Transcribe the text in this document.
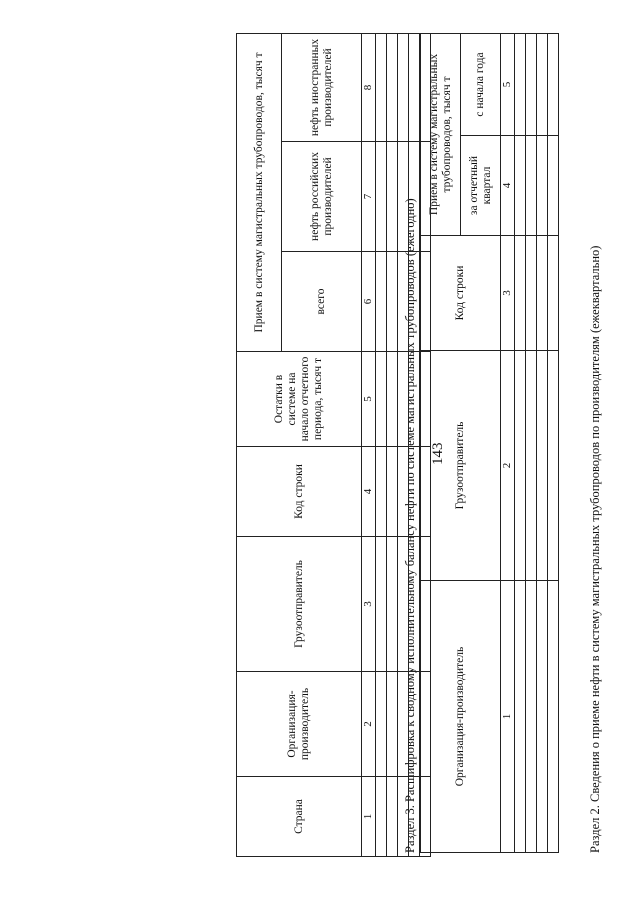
143	Раздел 2. Сведения о приеме нефти в систему магистральных трубопроводов по производителям (ежеквартально)
Организация-производитель	Грузоотправитель	Код строки	Прием в систему магистральных трубопроводов, тысяч т	
			за отчетный квартал	с начала года
1	2	3	4	5

Раздел 3. Расшифровка к сводному исполнительному балансу нефти по системе магистральных трубопроводов (ежегодно)
Страна	Организация-производитель	Грузоотправитель	Код строки	Остатки в системе на начало отчетного периода, тысяч т	Прием в систему магистральных трубопроводов, тысяч т		
					всего	нефть российских производителей	нефть иностранных производителей
1	2	3	4	5	6	7	8
